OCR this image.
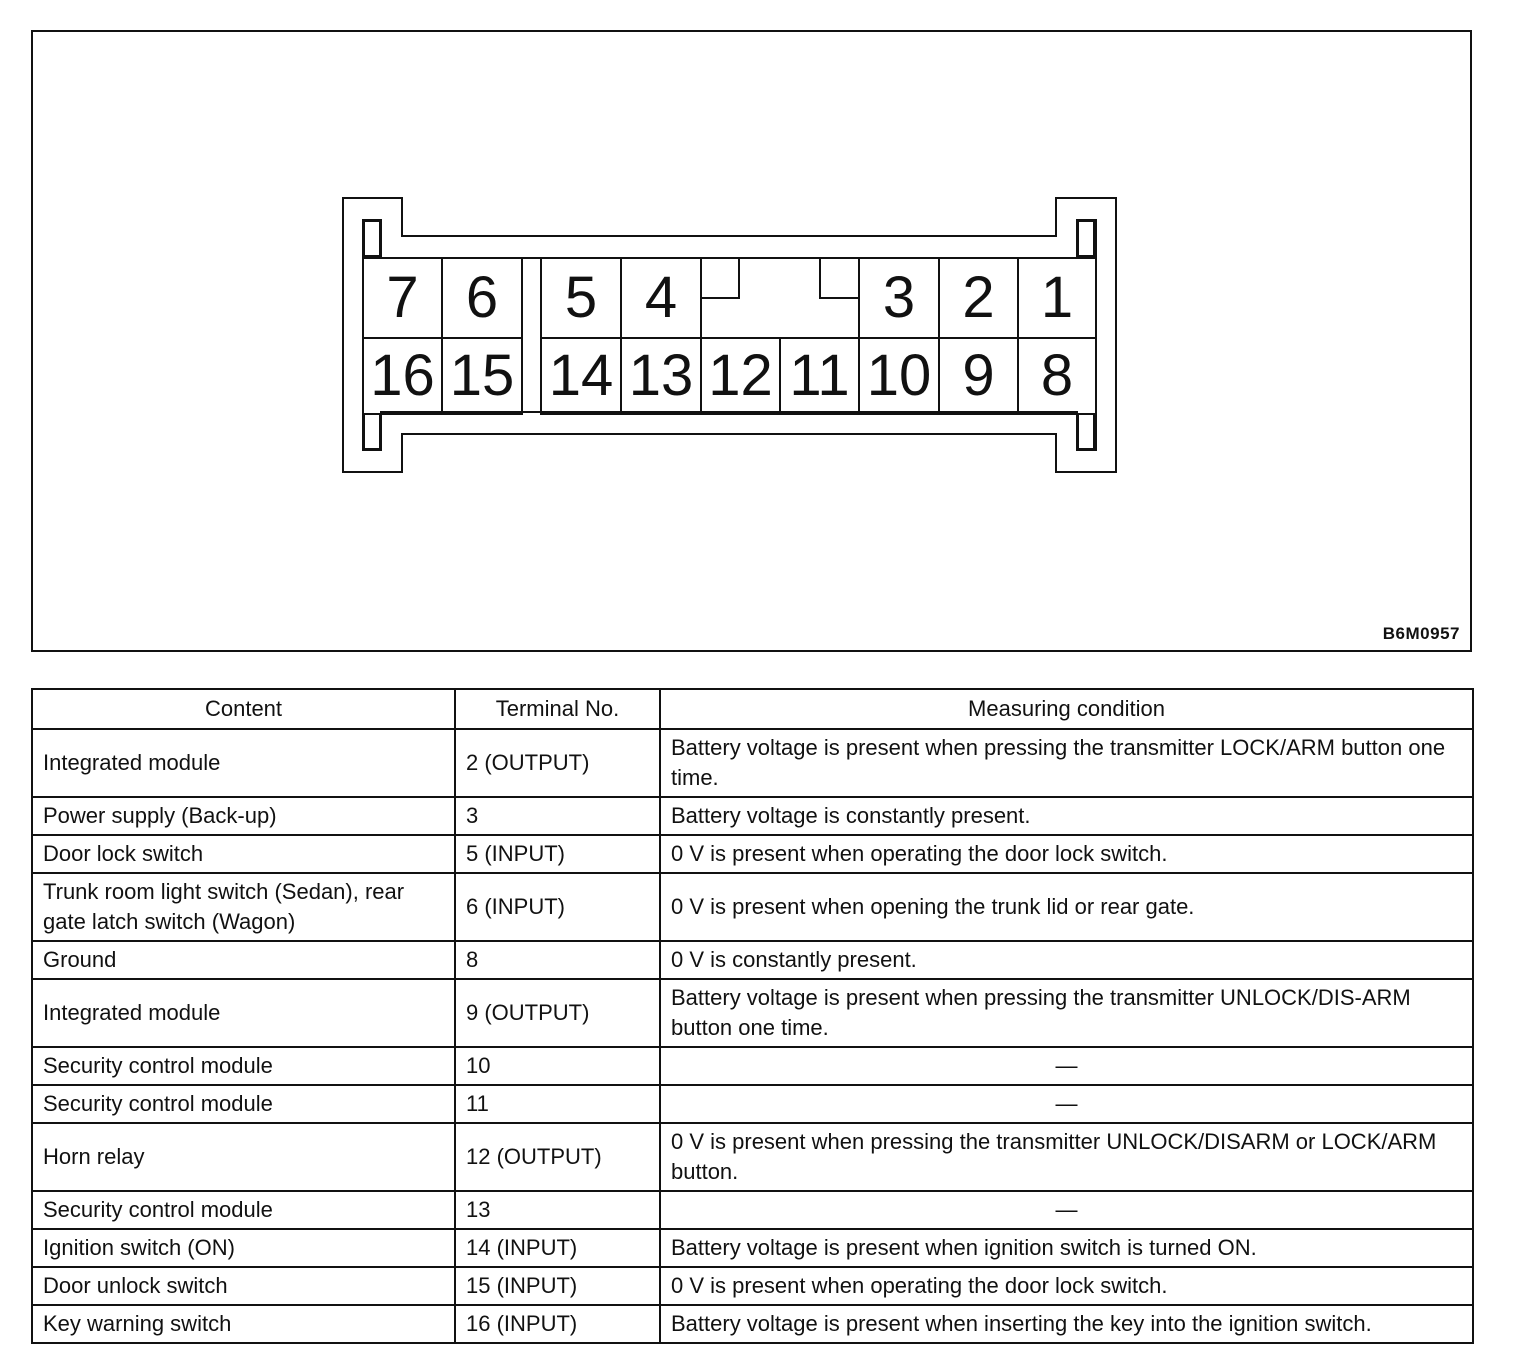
7 6	5 4	3 2 1
16 15 14 13 12 11 10 9 8
B6M0957
Content	Terminal No.	Measuring condition
Integrated module	2 (OUTPUT)	Battery voltage is present when pressing the transmitter LOCK/ARM button one time.
Power supply (Back-up)	3	Battery voltage is constantly present.
Door lock switch	5 (INPUT)	0 V is present when operating the door lock switch.
Trunk room light switch (Sedan), rear gate latch switch (Wagon)	6 (INPUT)	0 V is present when opening the trunk lid or rear gate.
Ground	8	0 V is constantly present.
Integrated module	9 (OUTPUT)	Battery voltage is present when pressing the transmitter UNLOCK/DIS-ARM button one time.
Security control module	10	—
Security control module	11	—
Horn relay	12 (OUTPUT)	0 V is present when pressing the transmitter UNLOCK/DISARM or LOCK/ARM button.
Security control module	13	—
Ignition switch (ON)	14 (INPUT)	Battery voltage is present when ignition switch is turned ON.
Door unlock switch	15 (INPUT)	0 V is present when operating the door lock switch.
Key warning switch	16 (INPUT)	Battery voltage is present when inserting the key into the ignition switch.
